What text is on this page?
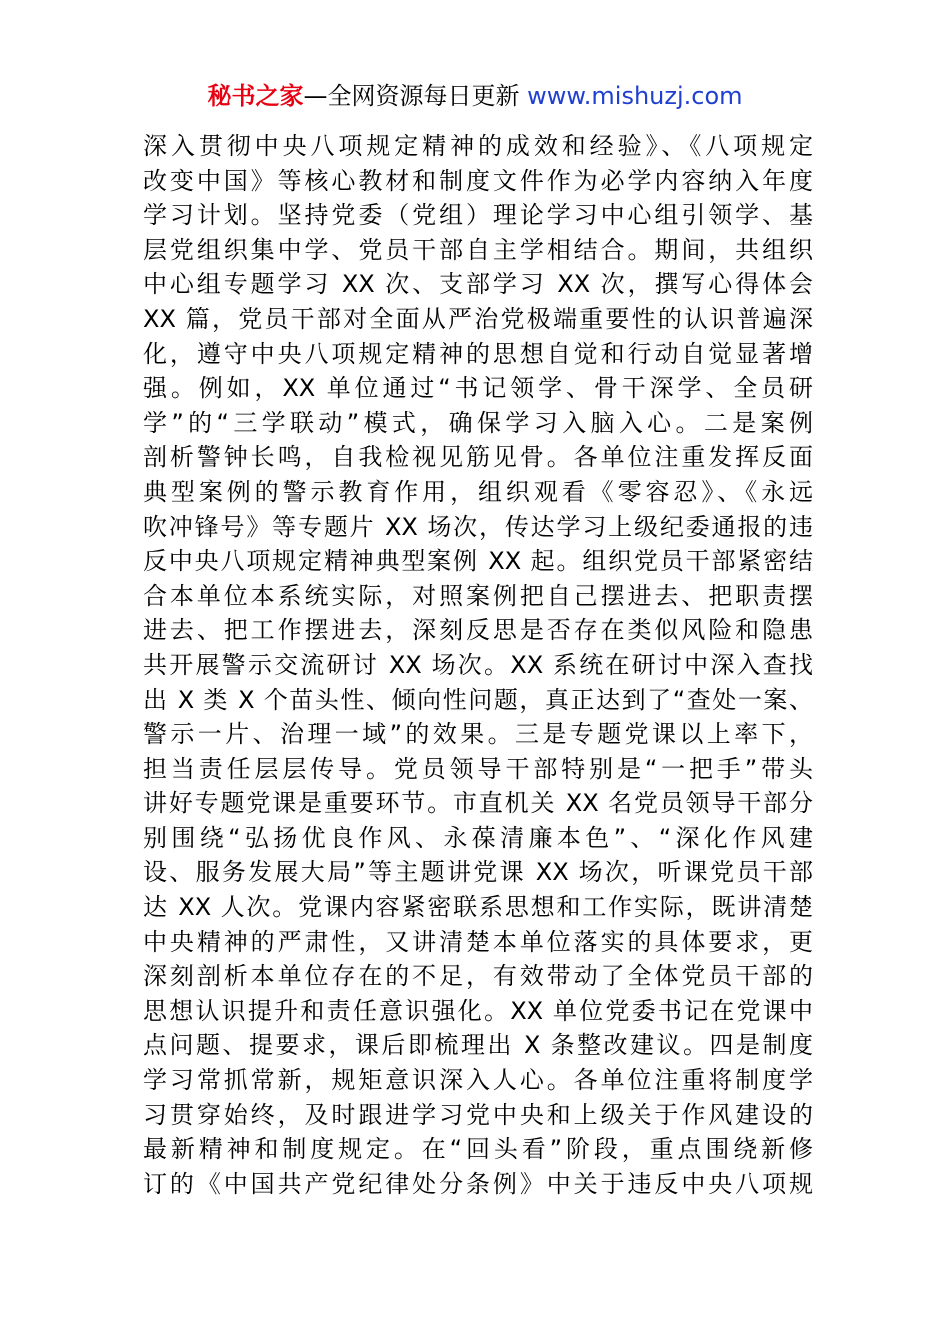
秘书之家—全网资源每日更新 www.mishuzj.com
深入贯彻中央八项规定精神的成效和经验》、《八项规定
改变中国》等核心教材和制度文件作为必学内容纳入年度
学习计划。坚持党委（党组）理论学习中心组引领学、基
层党组织集中学、党员干部自主学相结合。期间，共组织
中心组专题学习 XX 次、支部学习 XX 次，撰写心得体会
XX 篇，党员干部对全面从严治党极端重要性的认识普遍深
化，遵守中央八项规定精神的思想自觉和行动自觉显著增
强。例如，XX 单位通过“书记领学、骨干深学、全员研
学”的“三学联动”模式，确保学习入脑入心。二是案例
剖析警钟长鸣，自我检视见筋见骨。各单位注重发挥反面
典型案例的警示教育作用，组织观看《零容忍》、《永远
吹冲锋号》等专题片 XX 场次，传达学习上级纪委通报的违
反中央八项规定精神典型案例 XX 起。组织党员干部紧密结
合本单位本系统实际，对照案例把自己摆进去、把职责摆
进去、把工作摆进去，深刻反思是否存在类似风险和隐患
共开展警示交流研讨 XX 场次。XX 系统在研讨中深入查找
出 X 类 X 个苗头性、倾向性问题，真正达到了“查处一案、
警示一片、治理一域”的效果。三是专题党课以上率下，
担当责任层层传导。党员领导干部特别是“一把手”带头
讲好专题党课是重要环节。市直机关 XX 名党员领导干部分
别围绕“弘扬优良作风、永葆清廉本色”、“深化作风建
设、服务发展大局”等主题讲党课 XX 场次，听课党员干部
达 XX 人次。党课内容紧密联系思想和工作实际，既讲清楚
中央精神的严肃性，又讲清楚本单位落实的具体要求，更
深刻剖析本单位存在的不足，有效带动了全体党员干部的
思想认识提升和责任意识强化。XX 单位党委书记在党课中
点问题、提要求，课后即梳理出 X 条整改建议。四是制度
学习常抓常新，规矩意识深入人心。各单位注重将制度学
习贯穿始终，及时跟进学习党中央和上级关于作风建设的
最新精神和制度规定。在“回头看”阶段，重点围绕新修
订的《中国共产党纪律处分条例》中关于违反中央八项规
